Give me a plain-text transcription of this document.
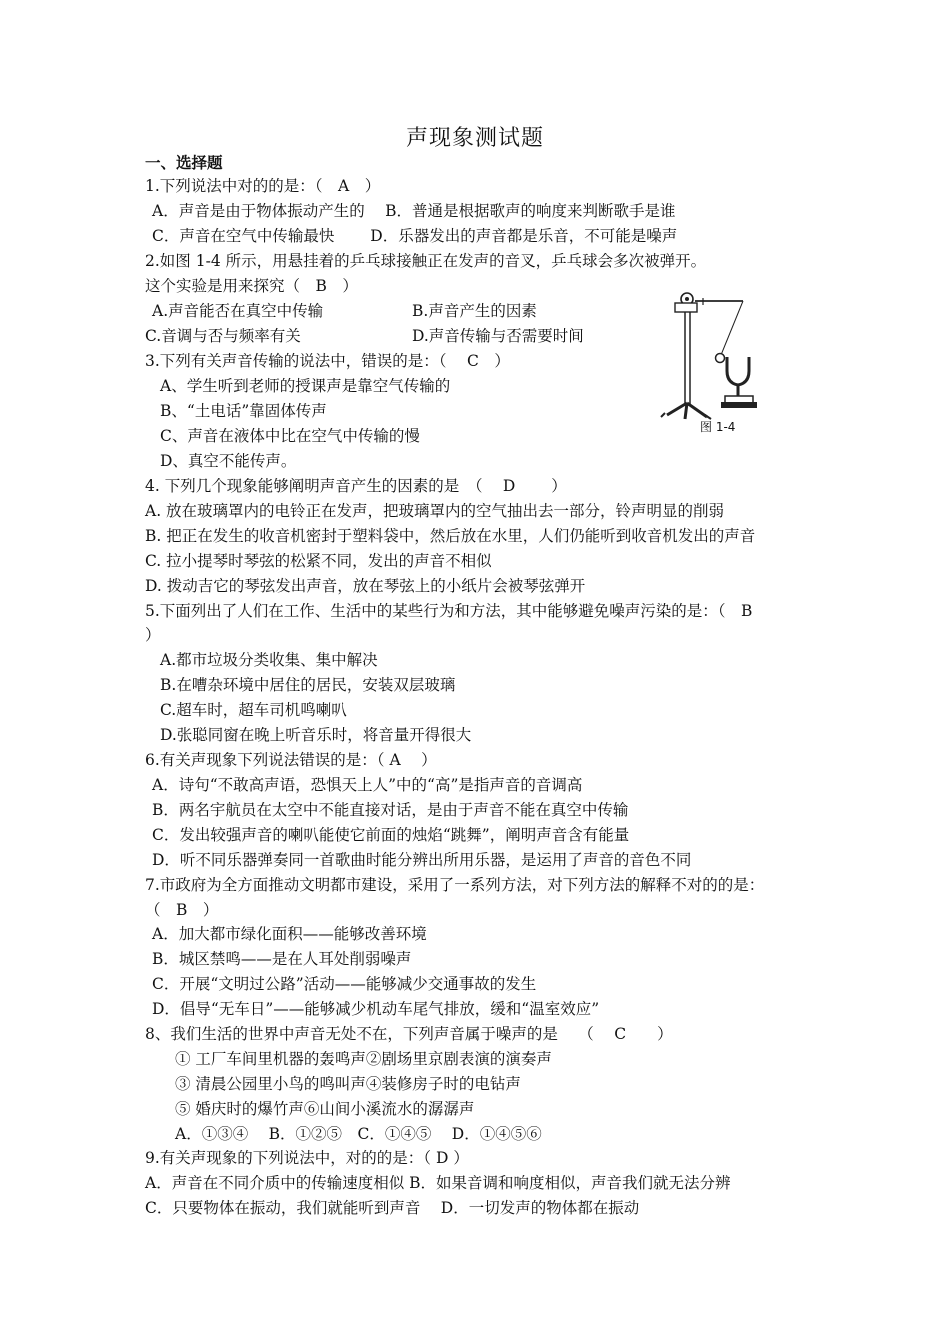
声现象测试题
一、选择题
1.下列说法中对的的是：（　A　）
A．声音是由于物体振动产生的　 B．普通是根据歌声的响度来判断歌手是谁
C．声音在空气中传输最快　　 D．乐器发出的声音都是乐音，不可能是噪声
2.如图 1-4 所示，用悬挂着的乒乓球接触正在发声的音叉，乒乓球会多次被弹开。
这个实验是用来探究（　B　）
A.声音能否在真空中传输	B.声音产生的因素
C.音调与否与频率有关	D.声音传输与否需要时间
图 1-4
3.下列有关声音传输的说法中，错误的是：（　 C　）
A、学生听到老师的授课声是靠空气传输的
B、“土电话”靠固体传声
C、声音在液体中比在空气中传输的慢
D、真空不能传声。
4. 下列几个现象能够阐明声音产生的因素的是　（　 D　　 ）
A. 放在玻璃罩内的电铃正在发声，把玻璃罩内的空气抽出去一部分，铃声明显的削弱
B. 把正在发生的收音机密封于塑料袋中，然后放在水里，人们仍能听到收音机发出的声音
C. 拉小提琴时琴弦的松紧不同，发出的声音不相似
D. 拨动吉它的琴弦发出声音，放在琴弦上的小纸片会被琴弦弹开
5.下面列出了人们在工作、生活中的某些行为和方法，其中能够避免噪声污染的是：（　B
）
A.都市垃圾分类收集、集中解决
B.在嘈杂环境中居住的居民，安装双层玻璃
C.超车时，超车司机鸣喇叭
D.张聪同窗在晚上听音乐时，将音量开得很大
6.有关声现象下列说法错误的是：（ A　 ）
A．诗句“不敢高声语，恐惧天上人”中的“高”是指声音的音调高
B．两名宇航员在太空中不能直接对话，是由于声音不能在真空中传输
C．发出较强声音的喇叭能使它前面的烛焰“跳舞”，阐明声音含有能量
D．听不同乐器弹奏同一首歌曲时能分辨出所用乐器，是运用了声音的音色不同
7.市政府为全方面推动文明都市建设，采用了一系列方法，对下列方法的解释不对的的是：
（　B　）
A．加大都市绿化面积——能够改善环境
B．城区禁鸣——是在人耳处削弱噪声
C．开展“文明过公路”活动——能够减少交通事故的发生
D．倡导“无车日”——能够减少机动车尾气排放，缓和“温室效应”
8、我们生活的世界中声音无处不在，下列声音属于噪声的是　 （　 C　　）
① 工厂车间里机器的轰鸣声②剧场里京剧表演的演奏声
③ 清晨公园里小鸟的鸣叫声④装修房子时的电钻声
⑤ 婚庆时的爆竹声⑥山间小溪流水的潺潺声
A．①③④　 B．①②⑤　C．①④⑤　 D．①④⑤⑥
9.有关声现象的下列说法中，对的的是：（ D ）
A．声音在不同介质中的传输速度相似 B．如果音调和响度相似，声音我们就无法分辨
C．只要物体在振动，我们就能听到声音　 D．一切发声的物体都在振动
